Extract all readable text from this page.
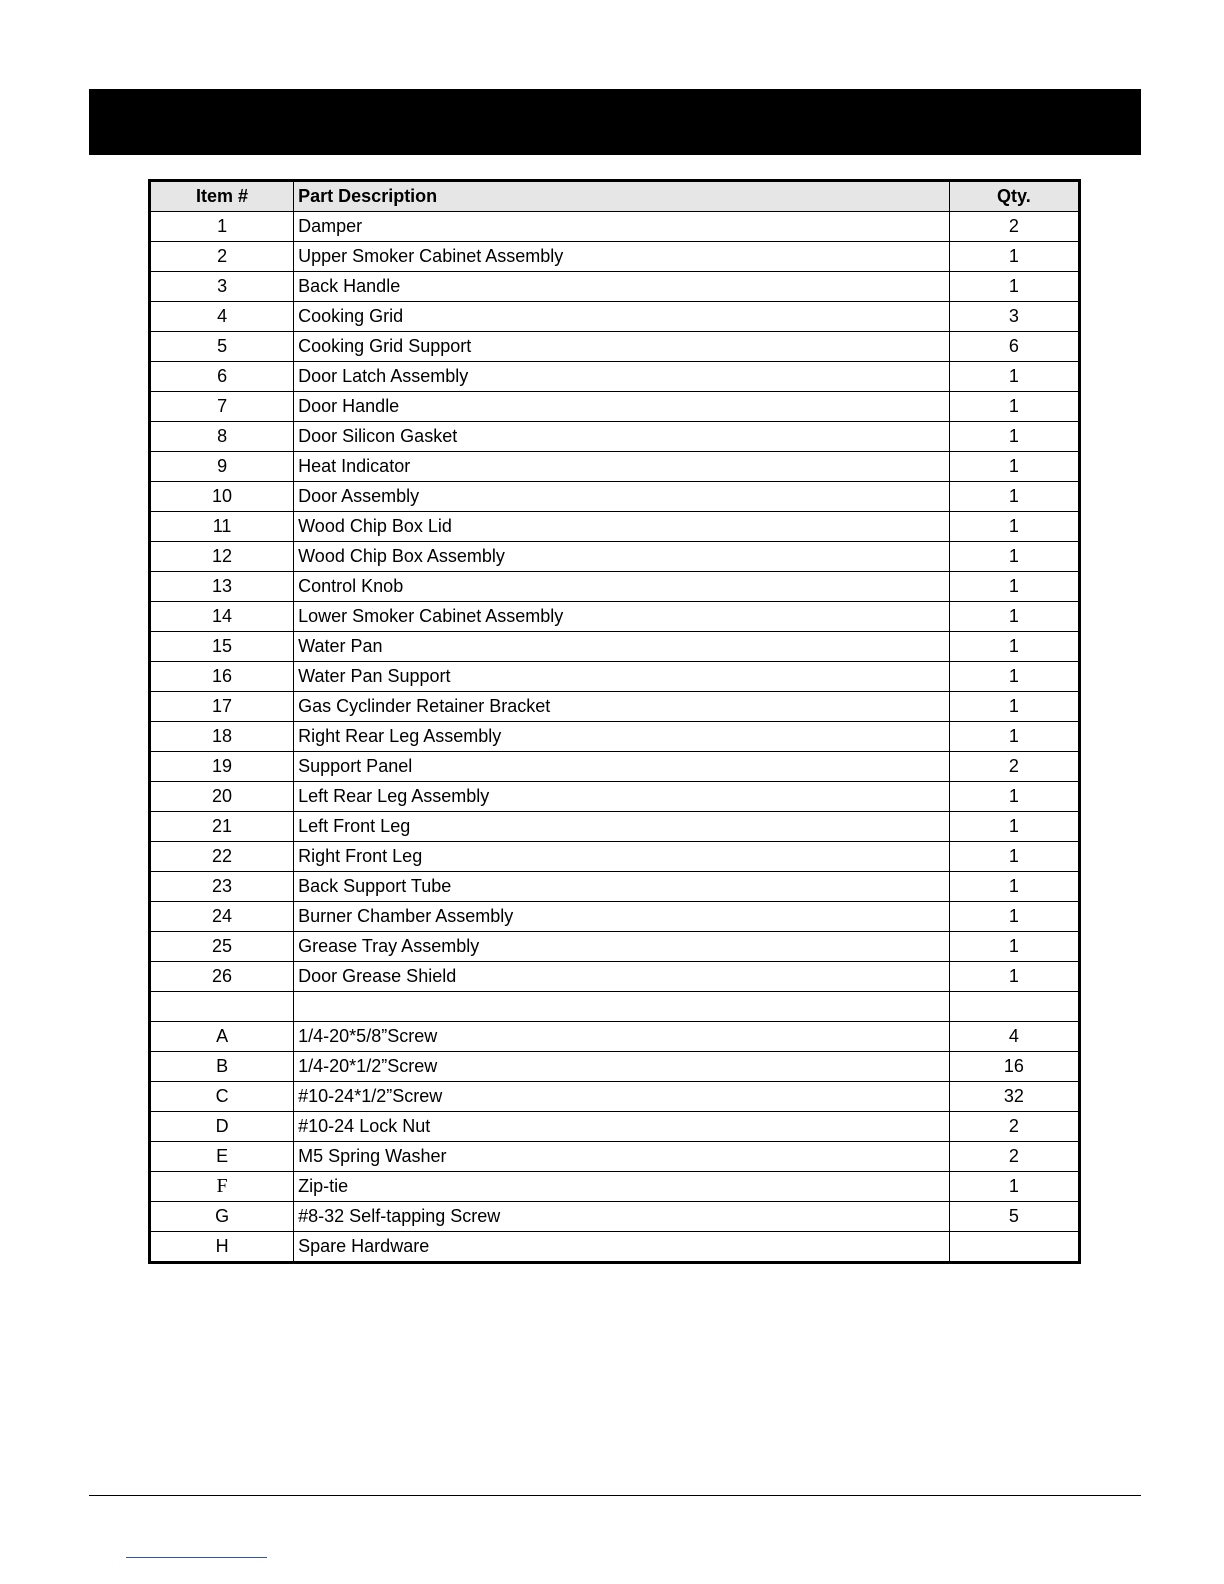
Item #	Part Description	Qty.
1	Damper	2
2	Upper Smoker Cabinet Assembly	1
3	Back Handle	1
4	Cooking Grid	3
5	Cooking Grid Support	6
6	Door Latch Assembly	1
7	Door Handle	1
8	Door Silicon Gasket	1
9	Heat Indicator	1
10	Door Assembly	1
11	Wood Chip Box Lid	1
12	Wood Chip Box Assembly	1
13	Control Knob	1
14	Lower Smoker Cabinet Assembly	1
15	Water Pan	1
16	Water Pan Support	1
17	Gas Cyclinder Retainer Bracket	1
18	Right Rear Leg Assembly	1
19	Support Panel	2
20	Left Rear Leg Assembly	1
21	Left Front Leg	1
22	Right Front Leg	1
23	Back Support Tube	1
24	Burner Chamber Assembly	1
25	Grease Tray Assembly	1
26	Door Grease Shield	1

A	1/4-20*5/8”Screw	4
B	1/4-20*1/2”Screw	16
C	#10-24*1/2”Screw	32
D	#10-24 Lock Nut	2
E	M5 Spring Washer	2
F	Zip-tie	1
G	#8-32 Self-tapping Screw	5
H	Spare Hardware	
